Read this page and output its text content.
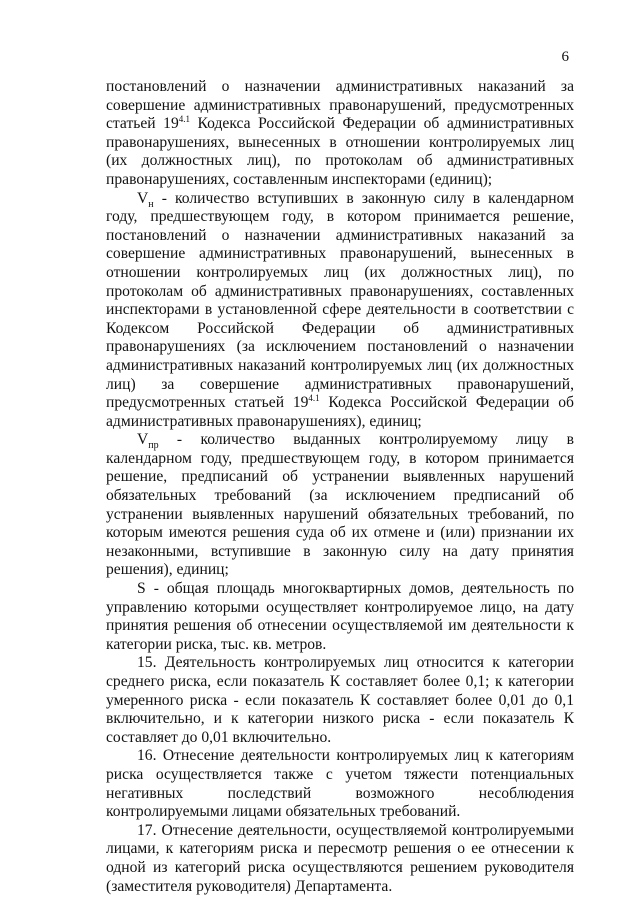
6

постановлений о назначении административных наказаний за совершение административных правонарушений, предусмотренных статьей $19^{4.1}$ Кодекса Российской Федерации об административных правонарушениях, вынесенных в отношении контролируемых лиц (их должностных лиц), по протоколам об административных правонарушениях, составленным инспекторами (единиц);

$V_н$ - количество вступивших в законную силу в календарном году, предшествующем году, в котором принимается решение, постановлений о назначении административных наказаний за совершение административных правонарушений, вынесенных в отношении контролируемых лиц (их должностных лиц), по протоколам об административных правонарушениях, составленных инспекторами в установленной сфере деятельности в соответствии с Кодексом Российской Федерации об административных правонарушениях (за исключением постановлений о назначении административных наказаний контролируемых лиц (их должностных лиц) за совершение административных правонарушений, предусмотренных статьей $19^{4.1}$ Кодекса Российской Федерации об административных правонарушениях), единиц;

$V_{пр}$ - количество выданных контролируемому лицу в календарном году, предшествующем году, в котором принимается решение, предписаний об устранении выявленных нарушений обязательных требований (за исключением предписаний об устранении выявленных нарушений обязательных требований, по которым имеются решения суда об их отмене и (или) признании их незаконными, вступившие в законную силу на дату принятия решения), единиц;

S - общая площадь многоквартирных домов, деятельность по управлению которыми осуществляет контролируемое лицо, на дату принятия решения об отнесении осуществляемой им деятельности к категории риска, тыс. кв. метров.

15. Деятельность контролируемых лиц относится к категории среднего риска, если показатель К составляет более 0,1; к категории умеренного риска - если показатель К составляет более 0,01 до 0,1 включительно, и к категории низкого риска - если показатель К составляет до 0,01 включительно.

16. Отнесение деятельности контролируемых лиц к категориям риска осуществляется также с учетом тяжести потенциальных негативных последствий возможного несоблюдения контролируемыми лицами обязательных требований.

17. Отнесение деятельности, осуществляемой контролируемыми лицами, к категориям риска и пересмотр решения о ее отнесении к одной из категорий риска осуществляются решением руководителя (заместителя руководителя) Департамента.
